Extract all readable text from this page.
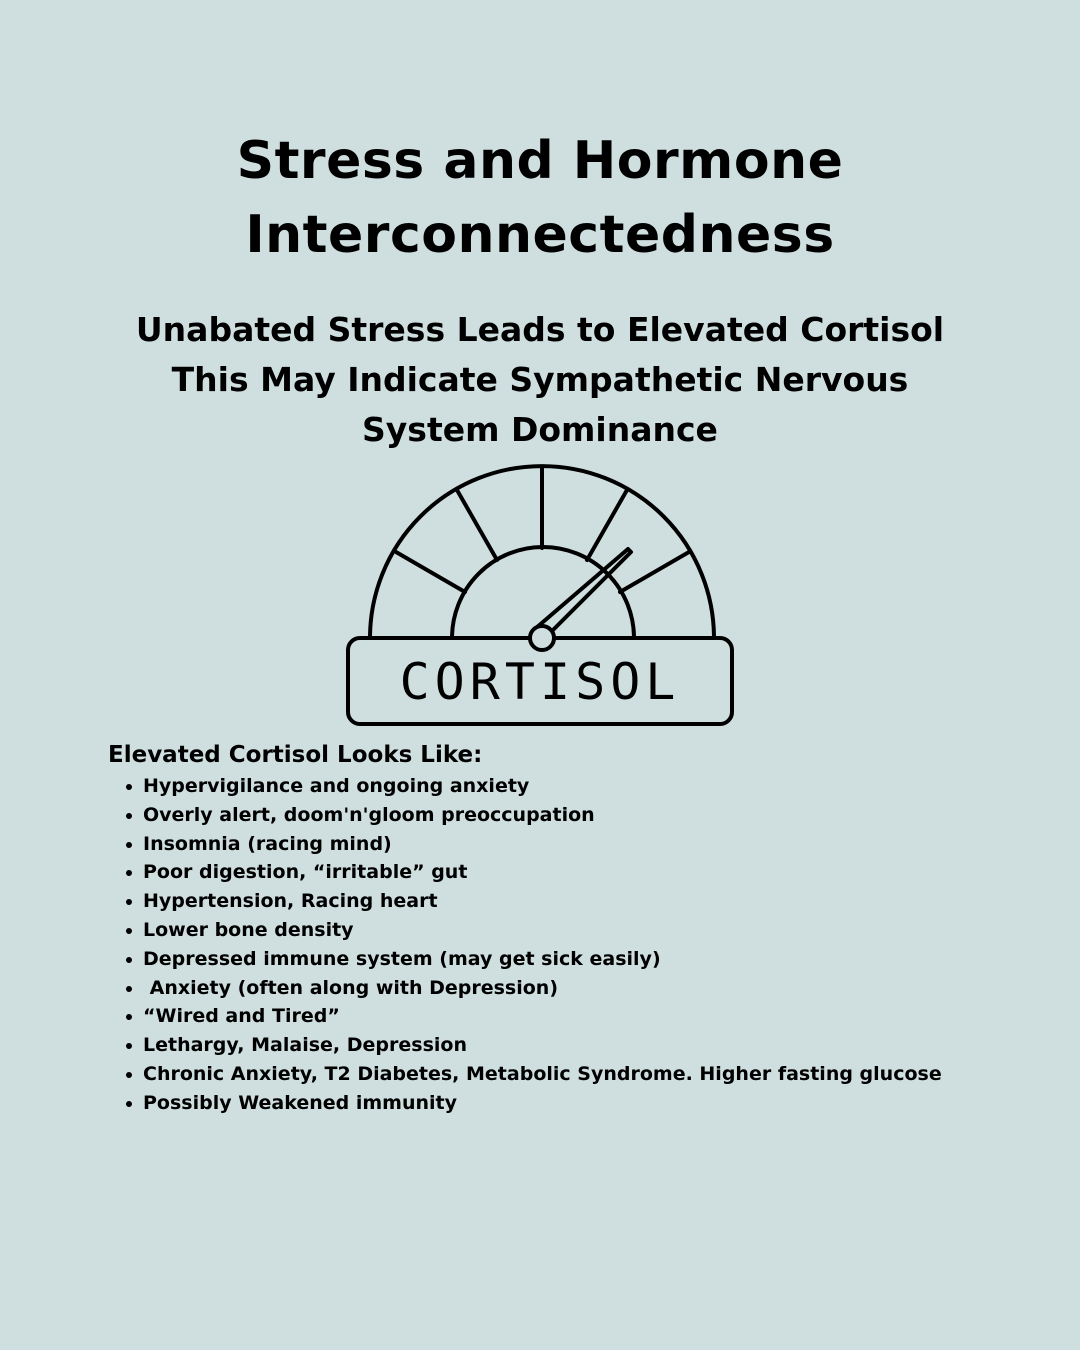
Stress and Hormone
Interconnectedness
Unabated Stress Leads to Elevated Cortisol
This May Indicate Sympathetic Nervous
System Dominance
CORTISOL
Elevated Cortisol Looks Like:
Hypervigilance and ongoing anxiety
Overly alert, doom'n'gloom preoccupation
Insomnia (racing mind)
Poor digestion, “irritable” gut
Hypertension, Racing heart
Lower bone density
Depressed immune system (may get sick easily)
Anxiety (often along with Depression)
“Wired and Tired”
Lethargy, Malaise, Depression
Chronic Anxiety, T2 Diabetes, Metabolic Syndrome. Higher fasting glucose
Possibly Weakened immunity
